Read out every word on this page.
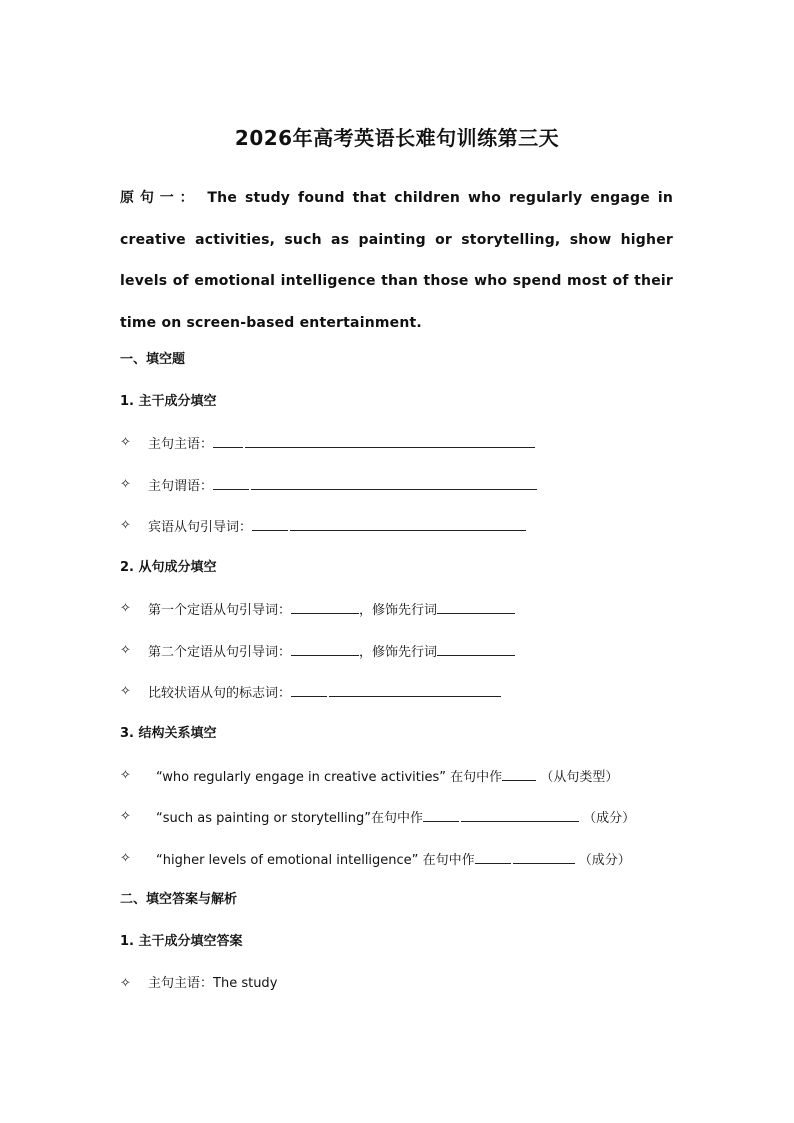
2026年高考英语长难句训练第三天
原句一： The study found that children who regularly engage in creative activities, such as painting or storytelling, show higher levels of emotional intelligence than those who spend most of their time on screen-based entertainment.
一、填空题
1. 主干成分填空
✧	主句主语：
✧	主句谓语：
✧	宾语从句引导词：
2. 从句成分填空
✧	第一个定语从句引导词：	，修饰先行词
✧	第二个定语从句引导词：	，修饰先行词
✧	比较状语从句的标志词：
3. 结构关系填空
✧	“who regularly engage in creative activities” 在句中作	（从句类型）
✧	“such as painting or storytelling”在句中作	（成分）
✧	“higher levels of emotional intelligence” 在句中作	（成分）
二、填空答案与解析
1. 主干成分填空答案
✧	主句主语：The study
